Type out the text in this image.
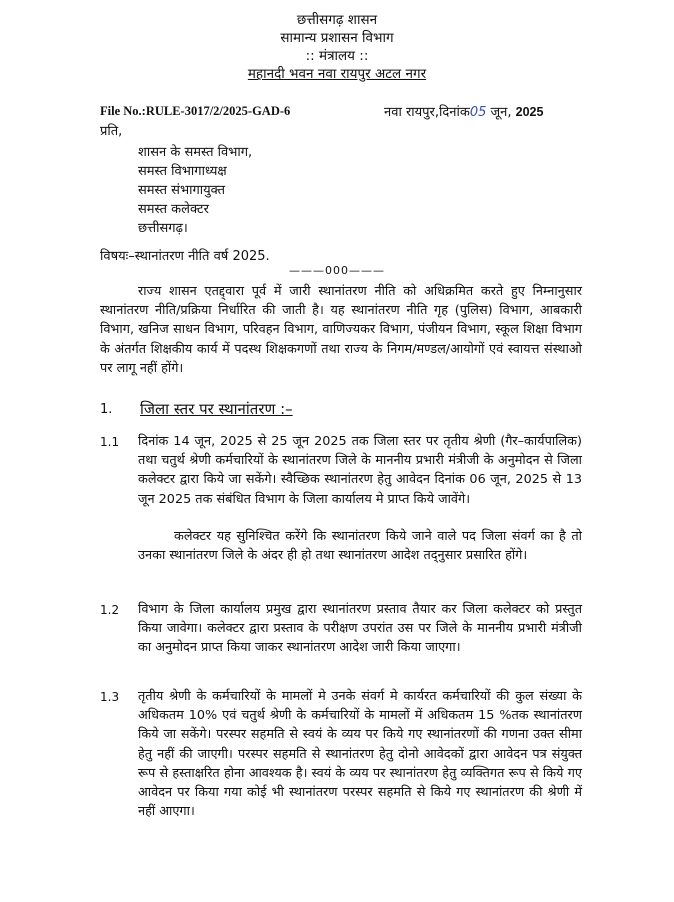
छत्तीसगढ़ शासन
सामान्य प्रशासन विभाग
:: मंत्रालय ::
महानदी भवन नवा रायपुर अटल नगर
File No.:RULE-3017/2/2025-GAD-6	नवा रायपुर,दिनांक05 जून, 2025
प्रति,
शासन के समस्त विभाग,
समस्त विभागाध्यक्ष
समस्त संभागायुक्त
समस्त कलेक्टर
छत्तीसगढ़।
विषयः–स्थानांतरण नीति वर्ष 2025.
———000———
राज्य शासन एतद्द्वारा पूर्व में जारी स्थानांतरण नीति को अधिक्रमित करते हुए निम्नानुसार स्थानांतरण नीति/प्रक्रिया निर्धारित की जाती है। यह स्थानांतरण नीति गृह (पुलिस) विभाग, आबकारी विभाग, खनिज साधन विभाग, परिवहन विभाग, वाणिज्यकर विभाग, पंजीयन विभाग, स्कूल शिक्षा विभाग के अंतर्गत शिक्षकीय कार्य में पदस्थ शिक्षकगणों तथा राज्य के निगम/मण्डल/आयोगों एवं स्वायत्त संस्थाओ पर लागू नहीं होंगे।
1. जिला स्तर पर स्थानांतरण :–
1.1 दिनांक 14 जून, 2025 से 25 जून 2025 तक जिला स्तर पर तृतीय श्रेणी (गैर–कार्यपालिक) तथा चतुर्थ श्रेणी कर्मचारियों के स्थानांतरण जिले के माननीय प्रभारी मंत्रीजी के अनुमोदन से जिला कलेक्टर द्वारा किये जा सकेंगे। स्वैच्छिक स्थानांतरण हेतु आवेदन दिनांक 06 जून, 2025 से 13 जून 2025 तक संबंधित विभाग के जिला कार्यालय मे प्राप्त किये जावेंगे।
कलेक्टर यह सुनिश्चित करेंगे कि स्थानांतरण किये जाने वाले पद जिला संवर्ग का है तो उनका स्थानांतरण जिले के अंदर ही हो तथा स्थानांतरण आदेश तद्नुसार प्रसारित होंगे।
1.2 विभाग के जिला कार्यालय प्रमुख द्वारा स्थानांतरण प्रस्ताव तैयार कर जिला कलेक्टर को प्रस्तुत किया जावेगा। कलेक्टर द्वारा प्रस्ताव के परीक्षण उपरांत उस पर जिले के माननीय प्रभारी मंत्रीजी का अनुमोदन प्राप्त किया जाकर स्थानांतरण आदेश जारी किया जाएगा।
1.3 तृतीय श्रेणी के कर्मचारियों के मामलों मे उनके संवर्ग मे कार्यरत कर्मचारियों की कुल संख्या के अधिकतम 10% एवं चतुर्थ श्रेणी के कर्मचारियों के मामलों में अधिकतम 15 %तक स्थानांतरण किये जा सकेंगे। परस्पर सहमति से स्वयं के व्यय पर किये गए स्थानांतरणों की गणना उक्त सीमा हेतु नहीं की जाएगी। परस्पर सहमति से स्थानांतरण हेतु दोनो आवेदकों द्वारा आवेदन पत्र संयुक्त रूप से हस्ताक्षरित होना आवश्यक है। स्वयं के व्यय पर स्थानांतरण हेतु व्यक्तिगत रूप से किये गए आवेदन पर किया गया कोई भी स्थानांतरण परस्पर सहमति से किये गए स्थानांतरण की श्रेणी में नहीं आएगा।
